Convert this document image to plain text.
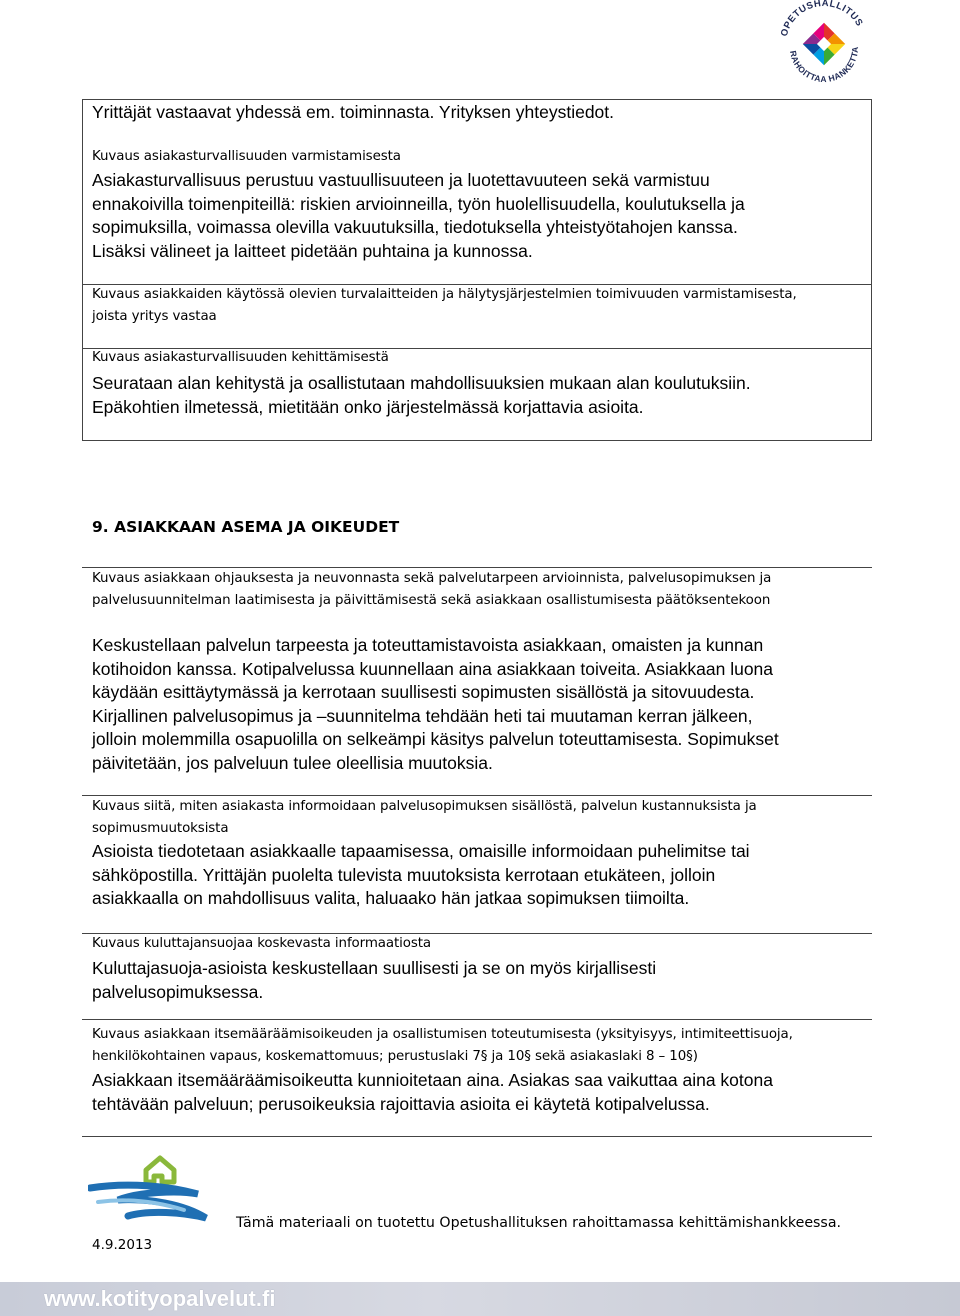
OPETUSHALLITUS
RAHOITTAA HANKETTA
Yrittäjät vastaavat yhdessä em. toiminnasta. Yrityksen yhteystiedot.
Kuvaus asiakasturvallisuuden varmistamisesta
Asiakasturvallisuus perustuu vastuullisuuteen ja luotettavuuteen sekä varmistuu
ennakoivilla toimenpiteillä: riskien arvioinneilla, työn huolellisuudella, koulutuksella ja
sopimuksilla, voimassa olevilla vakuutuksilla, tiedotuksella yhteistyötahojen kanssa.
Lisäksi välineet ja laitteet pidetään puhtaina ja kunnossa.
Kuvaus asiakkaiden käytössä olevien turvalaitteiden ja hälytysjärjestelmien toimivuuden varmistamisesta,
joista yritys vastaa
Kuvaus asiakasturvallisuuden kehittämisestä
Seurataan alan kehitystä ja osallistutaan mahdollisuuksien mukaan alan koulutuksiin.
Epäkohtien ilmetessä, mietitään onko järjestelmässä korjattavia asioita.
9. ASIAKKAAN ASEMA JA OIKEUDET
Kuvaus asiakkaan ohjauksesta ja neuvonnasta sekä palvelutarpeen arvioinnista, palvelusopimuksen ja
palvelusuunnitelman laatimisesta ja päivittämisestä sekä asiakkaan osallistumisesta päätöksentekoon
Keskustellaan palvelun tarpeesta ja toteuttamistavoista asiakkaan, omaisten ja kunnan
kotihoidon kanssa. Kotipalvelussa kuunnellaan aina asiakkaan toiveita. Asiakkaan luona
käydään esittäytymässä ja kerrotaan suullisesti sopimusten sisällöstä ja sitovuudesta.
Kirjallinen palvelusopimus ja –suunnitelma tehdään heti tai muutaman kerran jälkeen,
jolloin molemmilla osapuolilla on selkeämpi käsitys palvelun toteuttamisesta. Sopimukset
päivitetään, jos palveluun tulee oleellisia muutoksia.
Kuvaus siitä, miten asiakasta informoidaan palvelusopimuksen sisällöstä, palvelun kustannuksista ja
sopimusmuutoksista
Asioista tiedotetaan asiakkaalle tapaamisessa, omaisille informoidaan puhelimitse tai
sähköpostilla. Yrittäjän puolelta tulevista muutoksista kerrotaan etukäteen, jolloin
asiakkaalla on mahdollisuus valita, haluaako hän jatkaa sopimuksen tiimoilta.
Kuvaus kuluttajansuojaa koskevasta informaatiosta
Kuluttajasuoja-asioista keskustellaan suullisesti ja se on myös kirjallisesti
palvelusopimuksessa.
Kuvaus asiakkaan itsemääräämisoikeuden ja osallistumisen toteutumisesta (yksityisyys, intimiteettisuoja,
henkilökohtainen vapaus, koskemattomuus; perustuslaki 7§ ja 10§ sekä asiakaslaki 8 – 10§)
Asiakkaan itsemääräämisoikeutta kunnioitetaan aina. Asiakas saa vaikuttaa aina kotona
tehtävään palveluun; perusoikeuksia rajoittavia asioita ei käytetä kotipalvelussa.
4.9.2013
Tämä materiaali on tuotettu Opetushallituksen rahoittamassa kehittämishankkeessa.
www.kotityopalvelut.fi
